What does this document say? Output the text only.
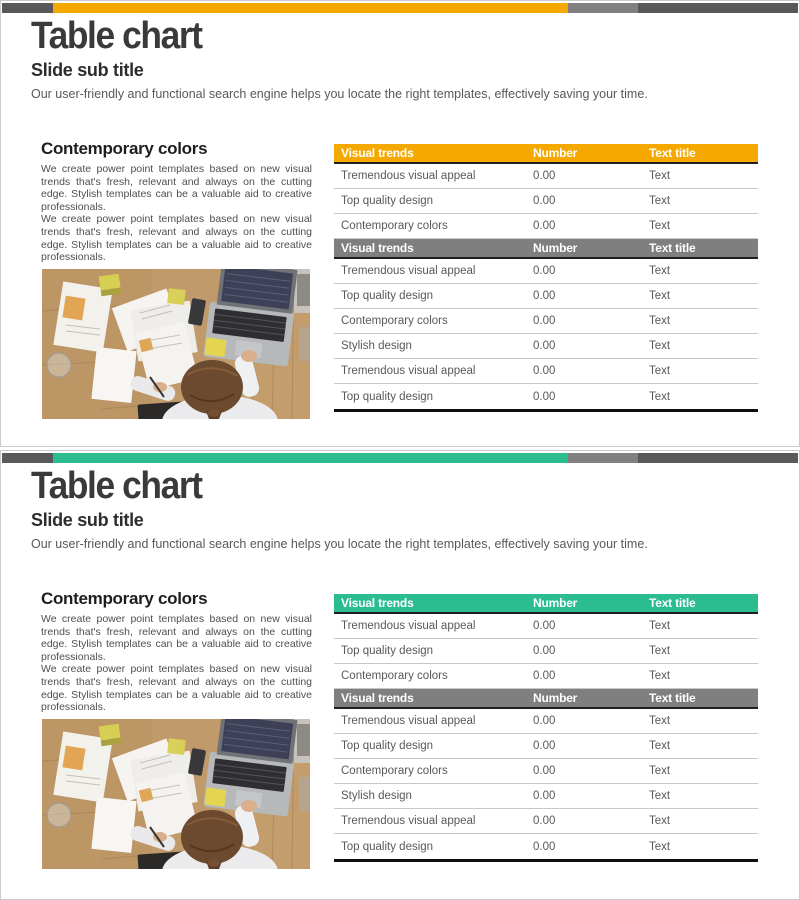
Table chart
Slide sub title

Our user-friendly and functional search engine helps you locate the right templates, effectively saving your time.

Contemporary colors

We create power point templates based on new visual trends that's fresh, relevant and always on the cutting edge. Stylish templates can be a valuable aid to creative professionals.

We create power point templates based on new visual trends that's fresh, relevant and always on the cutting edge. Stylish templates can be a valuable aid to creative professionals.

Visual trends	Number	Text title
Tremendous visual appeal	0.00	Text
Top quality design	0.00	Text
Contemporary colors	0.00	Text
Visual trends	Number	Text title
Tremendous visual appeal	0.00	Text
Top quality design	0.00	Text
Contemporary colors	0.00	Text
Stylish design	0.00	Text
Tremendous visual appeal	0.00	Text
Top quality design	0.00	Text
Table chart
Slide sub title

Our user-friendly and functional search engine helps you locate the right templates, effectively saving your time.

Contemporary colors

We create power point templates based on new visual trends that's fresh, relevant and always on the cutting edge. Stylish templates can be a valuable aid to creative professionals.

We create power point templates based on new visual trends that's fresh, relevant and always on the cutting edge. Stylish templates can be a valuable aid to creative professionals.

Visual trends	Number	Text title
Tremendous visual appeal	0.00	Text
Top quality design	0.00	Text
Contemporary colors	0.00	Text
Visual trends	Number	Text title
Tremendous visual appeal	0.00	Text
Top quality design	0.00	Text
Contemporary colors	0.00	Text
Stylish design	0.00	Text
Tremendous visual appeal	0.00	Text
Top quality design	0.00	Text
